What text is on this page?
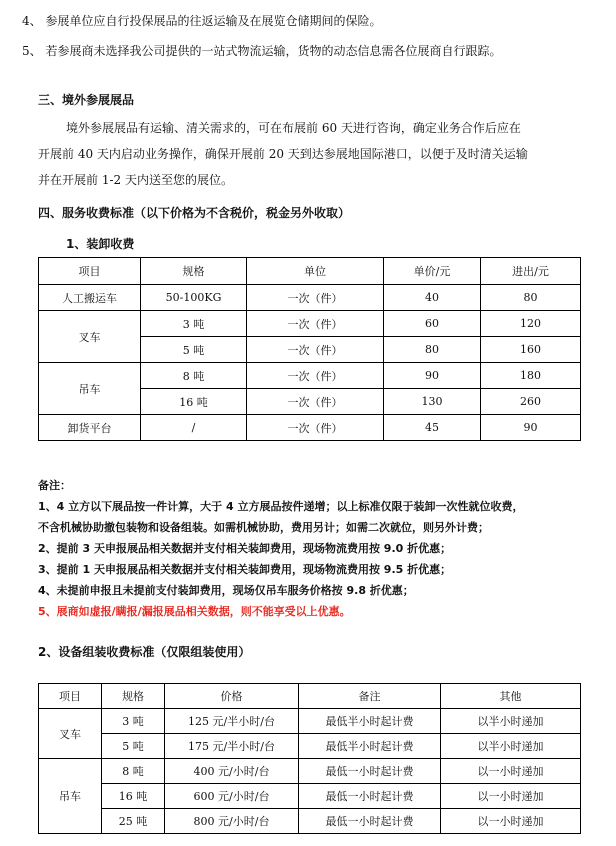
4、 参展单位应自行投保展品的往返运输及在展览仓储期间的保险。
5、 若参展商未选择我公司提供的一站式物流运输，货物的动态信息需各位展商自行跟踪。
三、境外参展展品
境外参展展品有运输、清关需求的，可在布展前 60 天进行咨询，确定业务合作后应在
开展前 40 天内启动业务操作，确保开展前 20 天到达参展地国际港口，以便于及时清关运输
并在开展前 1-2 天内送至您的展位。
四、服务收费标准（以下价格为不含税价，税金另外收取）
1、装卸收费
项目	规格	单位	单价/元	进出/元
人工搬运车	50-100KG	一次（件）	40	80
叉车	3 吨	一次（件）	60	120
	5 吨	一次（件）	80	160
吊车	8 吨	一次（件）	90	180
	16 吨	一次（件）	130	260
卸货平台	/	一次（件）	45	90
备注：
1、4 立方以下展品按一件计算，大于 4 立方展品按件递增；以上标准仅限于装卸一次性就位收费，
不含机械协助撤包装物和设备组装。如需机械协助，费用另计；如需二次就位，则另外计费；
2、提前 3 天申报展品相关数据并支付相关装卸费用，现场物流费用按 9.0 折优惠；
3、提前 1 天申报展品相关数据并支付相关装卸费用，现场物流费用按 9.5 折优惠；
4、未提前申报且未提前支付装卸费用，现场仅吊车服务价格按 9.8 折优惠；
5、展商如虚报/瞒报/漏报展品相关数据，则不能享受以上优惠。
2、设备组装收费标准（仅限组装使用）
项目	规格	价格	备注	其他
叉车	3 吨	125 元/半小时/台	最低半小时起计费	以半小时递加
	5 吨	175 元/半小时/台	最低半小时起计费	以半小时递加
吊车	8 吨	400 元/小时/台	最低一小时起计费	以一小时递加
	16 吨	600 元/小时/台	最低一小时起计费	以一小时递加
	25 吨	800 元/小时/台	最低一小时起计费	以一小时递加
